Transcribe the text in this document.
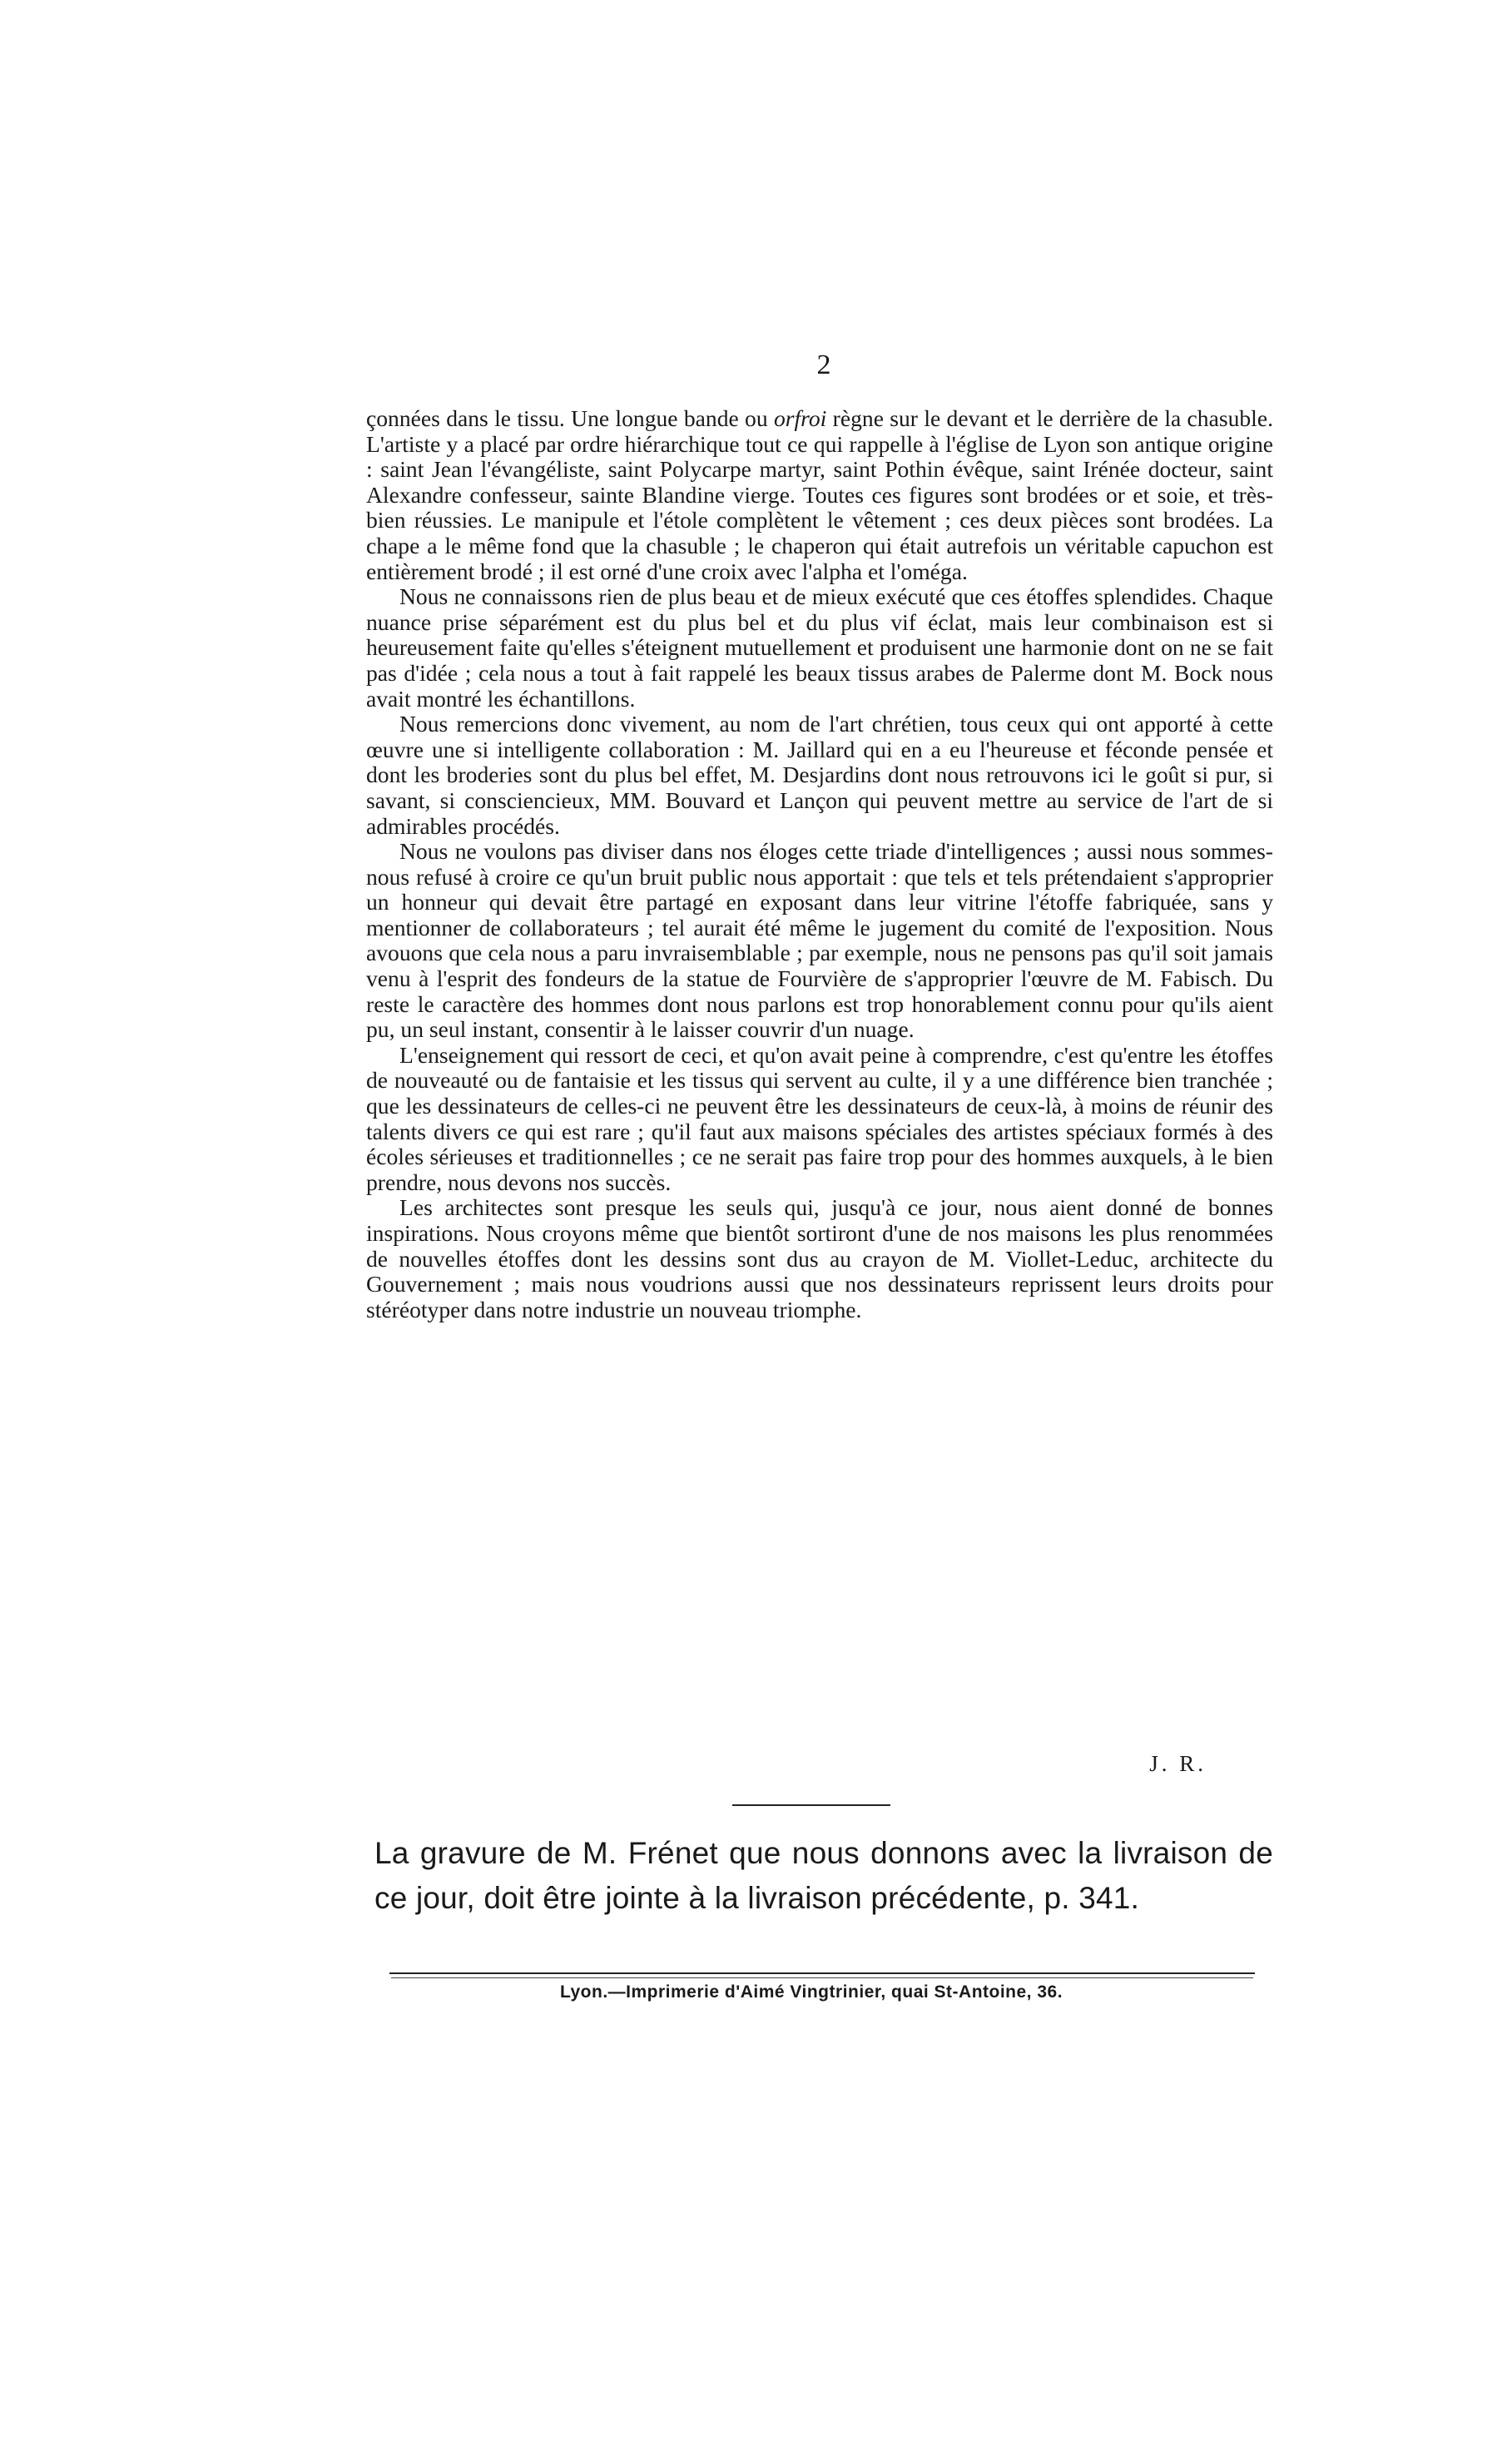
2

çonnées dans le tissu. Une longue bande ou orfroi règne sur le devant et le derrière de la chasuble. L'artiste y a placé par ordre hiérarchique tout ce qui rappelle à l'église de Lyon son antique origine : saint Jean l'évangéliste, saint Polycarpe martyr, saint Pothin évêque, saint Irénée docteur, saint Alexandre confesseur, sainte Blandine vierge. Toutes ces figures sont brodées or et soie, et très-bien réussies. Le manipule et l'étole complètent le vêtement ; ces deux pièces sont brodées. La chape a le même fond que la chasuble ; le chaperon qui était autrefois un véritable capuchon est entièrement brodé ; il est orné d'une croix avec l'alpha et l'oméga.

Nous ne connaissons rien de plus beau et de mieux exécuté que ces étoffes splendides. Chaque nuance prise séparément est du plus bel et du plus vif éclat, mais leur combinaison est si heureusement faite qu'elles s'éteignent mutuellement et produisent une harmonie dont on ne se fait pas d'idée ; cela nous a tout à fait rappelé les beaux tissus arabes de Palerme dont M. Bock nous avait montré les échantillons.

Nous remercions donc vivement, au nom de l'art chrétien, tous ceux qui ont apporté à cette œuvre une si intelligente collaboration : M. Jaillard qui en a eu l'heureuse et féconde pensée et dont les broderies sont du plus bel effet, M. Desjardins dont nous retrouvons ici le goût si pur, si savant, si consciencieux, MM. Bouvard et Lançon qui peuvent mettre au service de l'art de si admirables procédés.

Nous ne voulons pas diviser dans nos éloges cette triade d'intelligences ; aussi nous sommes-nous refusé à croire ce qu'un bruit public nous apportait : que tels et tels prétendaient s'approprier un honneur qui devait être partagé en exposant dans leur vitrine l'étoffe fabriquée, sans y mentionner de collaborateurs ; tel aurait été même le jugement du comité de l'exposition. Nous avouons que cela nous a paru invraisemblable ; par exemple, nous ne pensons pas qu'il soit jamais venu à l'esprit des fondeurs de la statue de Fourvière de s'approprier l'œuvre de M. Fabisch. Du reste le caractère des hommes dont nous parlons est trop honorablement connu pour qu'ils aient pu, un seul instant, consentir à le laisser couvrir d'un nuage.

L'enseignement qui ressort de ceci, et qu'on avait peine à comprendre, c'est qu'entre les étoffes de nouveauté ou de fantaisie et les tissus qui servent au culte, il y a une différence bien tranchée ; que les dessinateurs de celles-ci ne peuvent être les dessinateurs de ceux-là, à moins de réunir des talents divers ce qui est rare ; qu'il faut aux maisons spéciales des artistes spéciaux formés à des écoles sérieuses et traditionnelles ; ce ne serait pas faire trop pour des hommes auxquels, à le bien prendre, nous devons nos succès.

Les architectes sont presque les seuls qui, jusqu'à ce jour, nous aient donné de bonnes inspirations. Nous croyons même que bientôt sortiront d'une de nos maisons les plus renommées de nouvelles étoffes dont les dessins sont dus au crayon de M. Viollet-Leduc, architecte du Gouvernement ; mais nous voudrions aussi que nos dessinateurs reprissent leurs droits pour stéréotyper dans notre industrie un nouveau triomphe.

J. R.
La gravure de M. Frénet que nous donnons avec la livraison de ce jour, doit être jointe à la livraison précédente, p. 341.
Lyon.—Imprimerie d'Aimé Vingtrinier, quai St-Antoine, 36.
